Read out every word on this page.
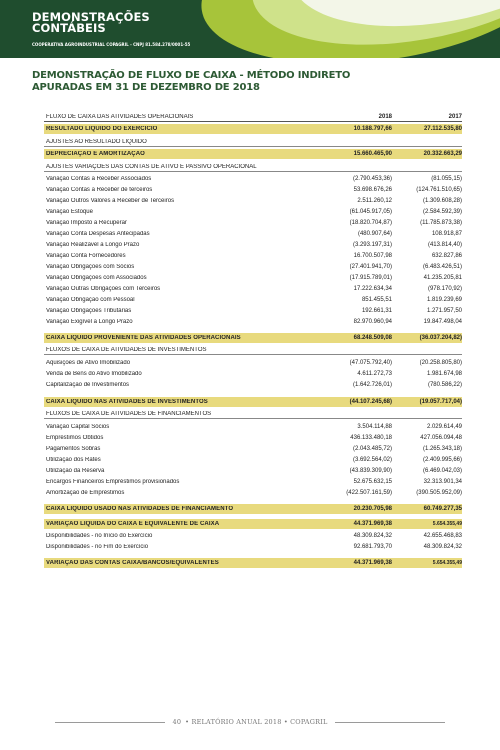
DEMONSTRAÇÕES
CONTÁBEIS
COOPERATIVA AGROINDUSTRIAL COPAGRIL - CNPJ 81.584.278/0001-55
DEMONSTRAÇÃO DE FLUXO DE CAIXA - MÉTODO INDIRETO
APURADAS EM 31 DE DEZEMBRO DE 2018
FLUXO DE CAIXA DAS ATIVIDADES OPERACIONAIS	2018	2017
RESULTADO LÍQUIDO DO EXERCÍCIO	10.188.797,66	27.112.535,80
AJUSTES AO RESULTADO LÍQUIDO
DEPRECIAÇÃO E AMORTIZAÇÃO	15.660.465,90	20.332.663,29
AJUSTES VARIAÇÕES DAS CONTAS DE ATIVO E PASSIVO OPERACIONAL
Variação Contas a Receber Associados	(2.790.453,36)	(81.055,15)
Variação Contas a Receber de terceiros	53.698.676,26	(124.761.510,65)
Variação Outros Valores a Receber de Terceiros	2.511.260,12	(1.309.608,28)
Variação Estoque	(61.045.917,05)	(2.584.592,39)
Variação Imposto a Recuperar	(18.820.704,87)	(11.785.873,38)
Variação Conta Despesas Antecipadas	(480.907,64)	108.918,87
Variação Realizável a Longo Prazo	(3.293.197,31)	(413.814,40)
Variação Conta Fornecedores	16.700.507,98	632.827,86
Variação Obrigações com Sócios	(27.401.941,70)	(6.483.426,51)
Variação Obrigações com Associados	(17.915.789,01)	41.235.205,81
Variação Outras Obrigações com Terceiros	17.222.634,34	(978.170,92)
Variação Obrigação com Pessoal	851.455,51	1.819.239,69
Variação Obrigações Tributárias	192.661,31	1.271.957,50
Variação Exigível a Longo Prazo	82.970.960,94	19.847.498,04
CAIXA LÍQUIDO PROVENIENTE DAS ATIVIDADES OPERACIONAIS	68.248.509,08	(36.037.204,82)
FLUXOS DE CAIXA DE ATIVIDADES DE INVESTIMENTOS
Aquisições de Ativo Imobilizado	(47.075.792,40)	(20.258.805,80)
Venda de Bens do Ativo Imobilizado	4.611.272,73	1.981.674,98
Capitalização de Investimentos	(1.642.726,01)	(780.586,22)
CAIXA LÍQUIDO NAS ATIVIDADES DE INVESTIMENTOS	(44.107.245,68)	(19.057.717,04)
FLUXOS DE CAIXA DE ATIVIDADES DE FINANCIAMENTOS
Variação Capital Sócios	3.504.114,88	2.029.614,49
Empréstimos Obtidos	436.133.480,18	427.056.094,48
Pagamentos Sobras	(2.043.485,72)	(1.265.343,18)
Utilização dos Rates	(3.692.564,02)	(2.409.995,66)
Utilização da Reserva	(43.839.309,90)	(6.469.042,03)
Encargos Financeiros Empréstimos provisionados	52.675.632,15	32.313.901,34
Amortização de Empréstimos	(422.507.161,59)	(390.505.952,09)
CAIXA LÍQUIDO USADO NAS ATIVIDADES DE FINANCIAMENTO	20.230.705,98	60.749.277,35
VARIAÇÃO LÍQUIDA DO CAIXA E EQUIVALENTE DE CAIXA	44.371.969,38	5.654.355,49
Disponibilidades - no Início do Exercício	48.309.824,32	42.655.468,83
Disponibilidades - no Fim do Exercício	92.681.793,70	48.309.824,32
VARIAÇÃO DAS CONTAS CAIXA/BANCOS/EQUIVALENTES	44.371.969,38	5.654.355,49
40 • RELATÓRIO ANUAL 2018 • COPAGRIL
